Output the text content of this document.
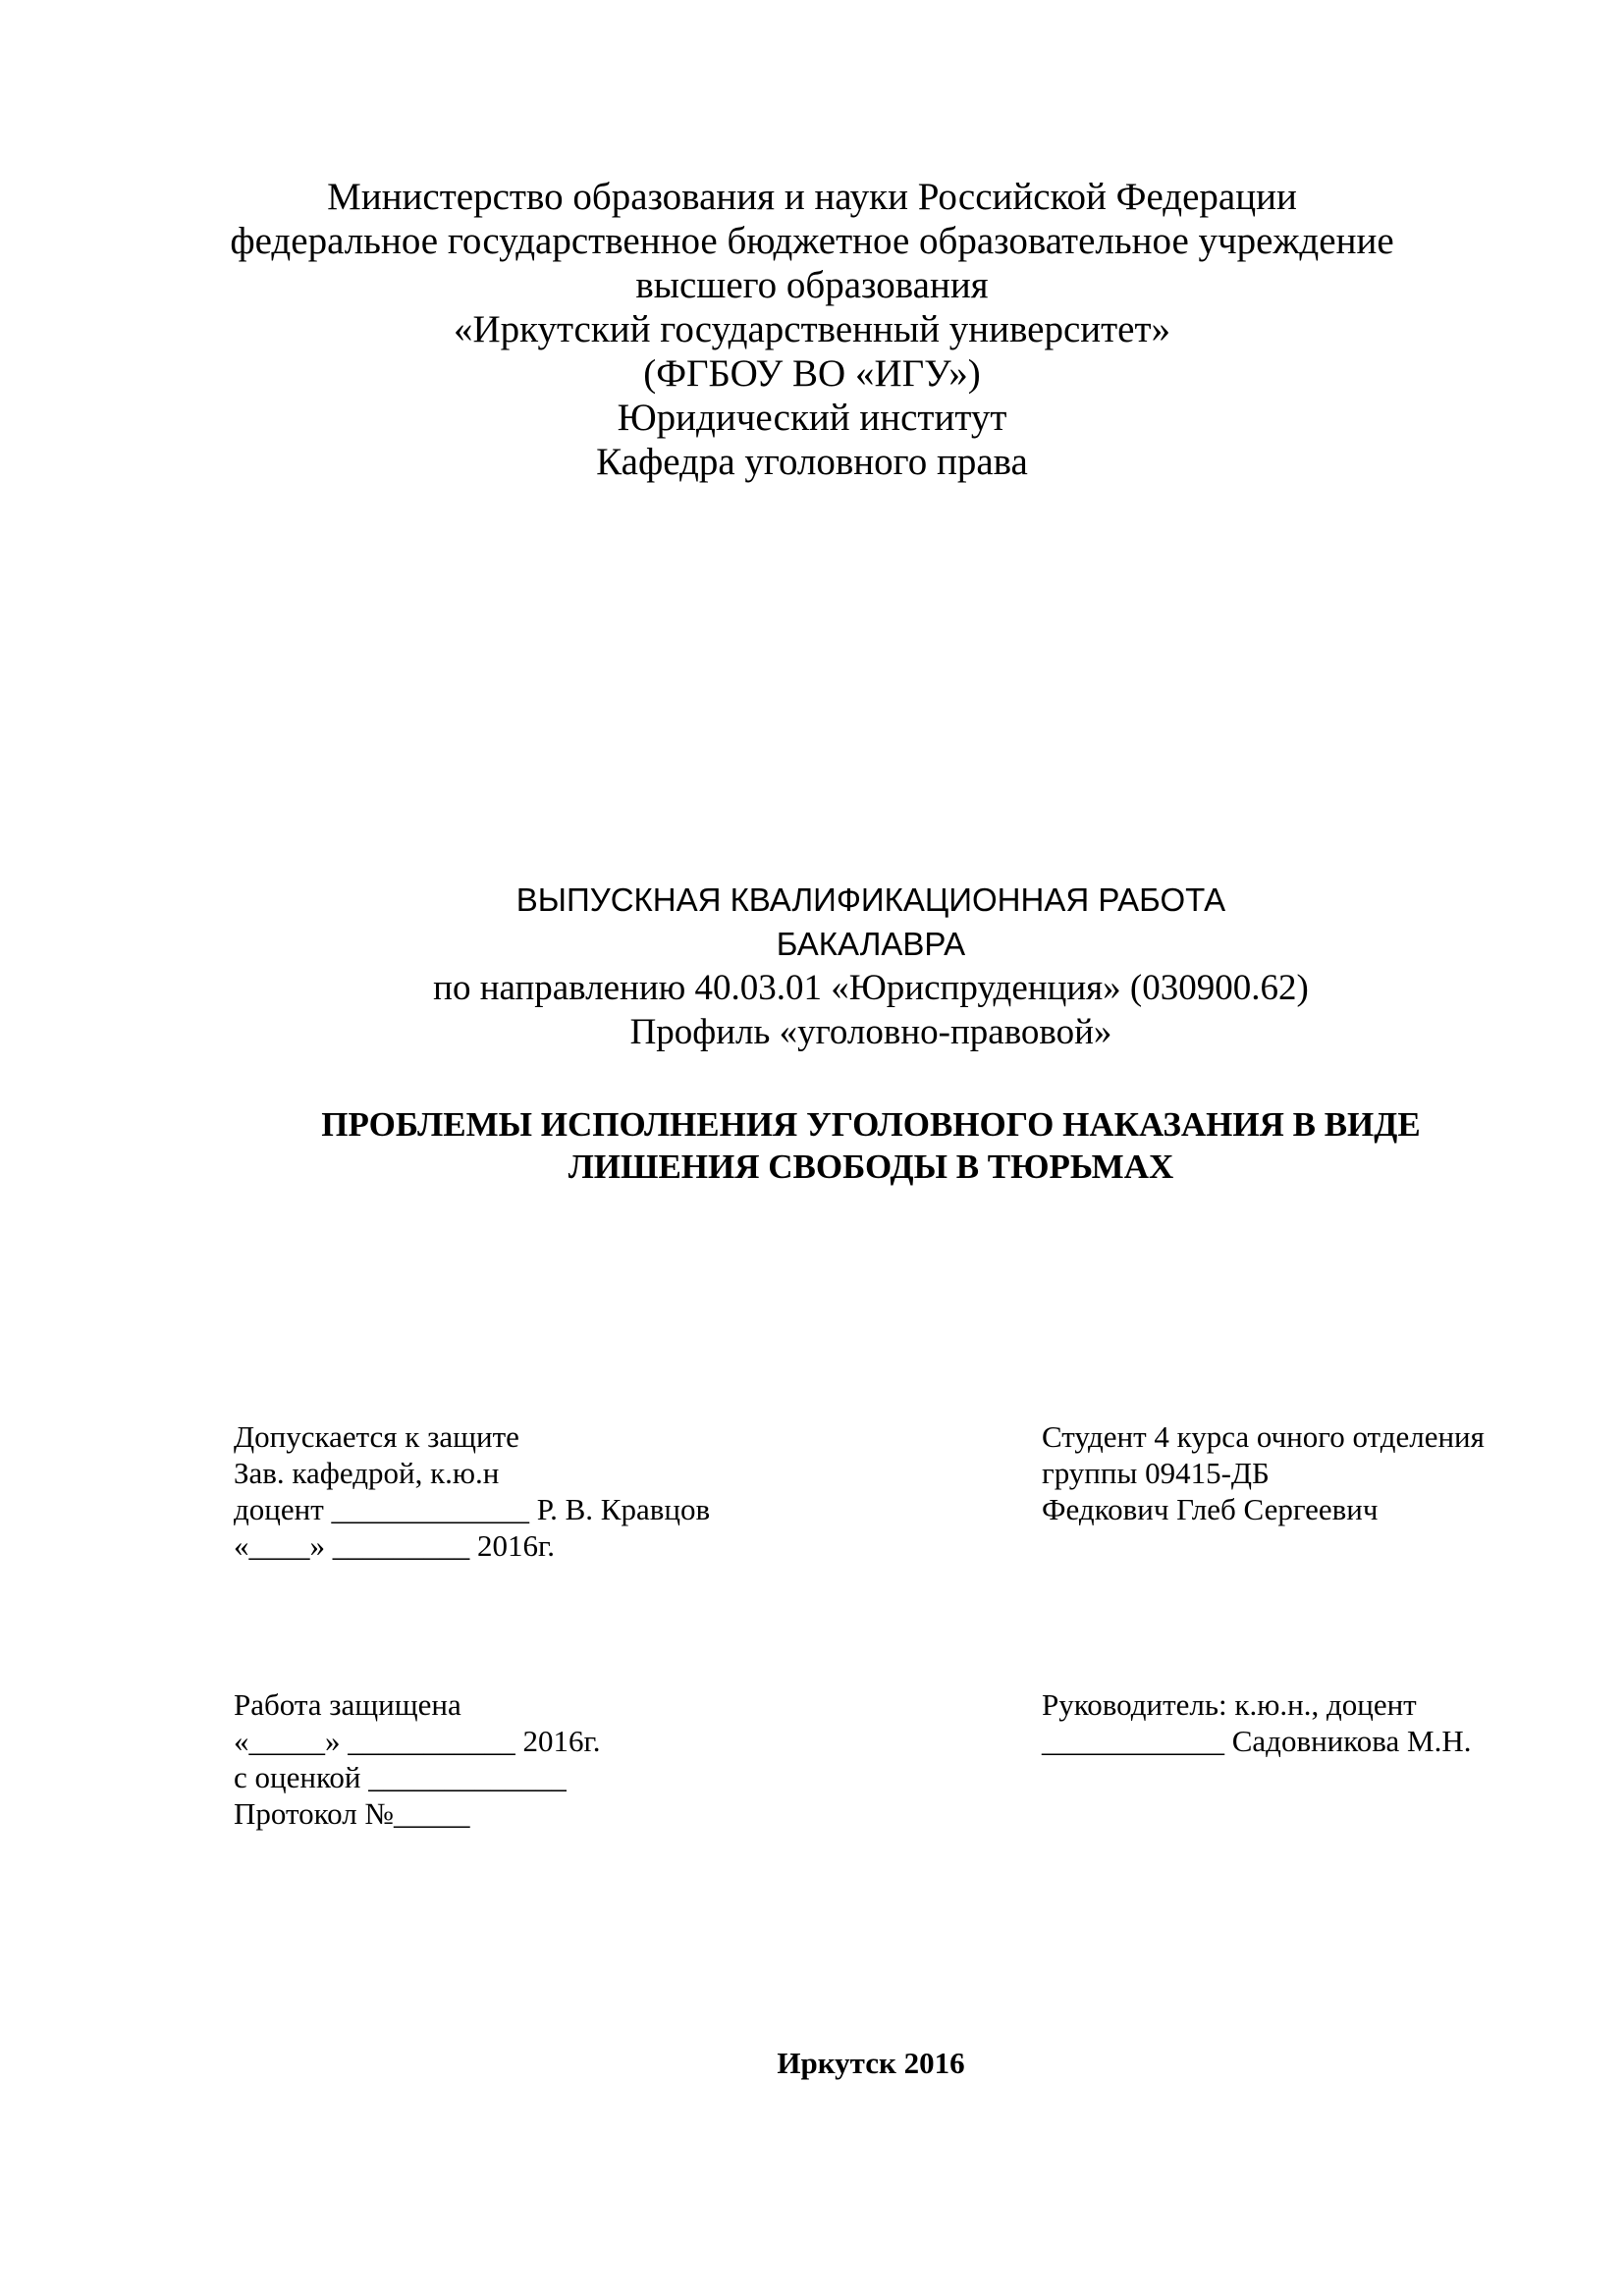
Министерство образования и науки Российской Федерации
федеральное государственное бюджетное образовательное учреждение
высшего образования
«Иркутский государственный университет»
(ФГБОУ ВО «ИГУ»)
Юридический институт
Кафедра уголовного права
ВЫПУСКНАЯ КВАЛИФИКАЦИОННАЯ РАБОТА
БАКАЛАВРА
по направлению 40.03.01 «Юриспруденция» (030900.62)
Профиль «уголовно-правовой»
ПРОБЛЕМЫ ИСПОЛНЕНИЯ УГОЛОВНОГО НАКАЗАНИЯ В ВИДЕ
ЛИШЕНИЯ СВОБОДЫ В ТЮРЬМАХ
Допускается к защите
Зав. кафедрой, к.ю.н
доцент _____________ Р. В. Кравцов
«____» _________ 2016г.
Студент 4 курса очного отделения
группы 09415-ДБ
Федкович Глеб Сергеевич
Работа защищена
«_____» ___________ 2016г.
с оценкой _____________
Протокол №_____
Руководитель: к.ю.н., доцент
____________ Садовникова М.Н.
Иркутск 2016
